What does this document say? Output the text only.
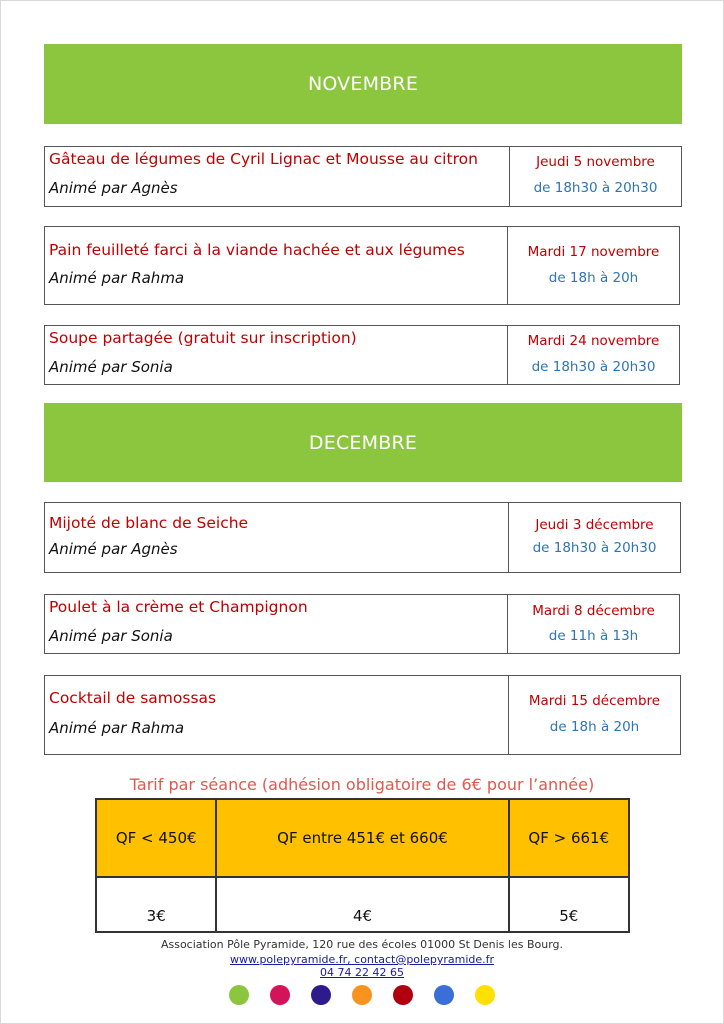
NOVEMBRE
Gâteau de légumes de Cyril Lignac et Mousse au citron
Animé par Agnès
Jeudi 5 novembre
de 18h30 à 20h30
Pain feuilleté farci à la viande hachée et aux légumes
Animé par Rahma
Mardi 17 novembre
de 18h à 20h
Soupe partagée (gratuit sur inscription)
Animé par Sonia
Mardi 24 novembre
de 18h30 à 20h30
DECEMBRE
Mijoté de blanc de Seiche
Animé par Agnès
Jeudi 3 décembre
de 18h30 à 20h30
Poulet à la crème et Champignon
Animé par Sonia
Mardi 8 décembre
de 11h à 13h
Cocktail de samossas
Animé par Rahma
Mardi 15 décembre
de 18h à 20h
Tarif par séance (adhésion obligatoire de 6€ pour l’année)
QF < 450€	QF entre 451€ et 660€	QF > 661€
3€	4€	5€
Association Pôle Pyramide, 120 rue des écoles 01000 St Denis les Bourg.
www.polepyramide.fr, contact@polepyramide.fr
04 74 22 42 65
